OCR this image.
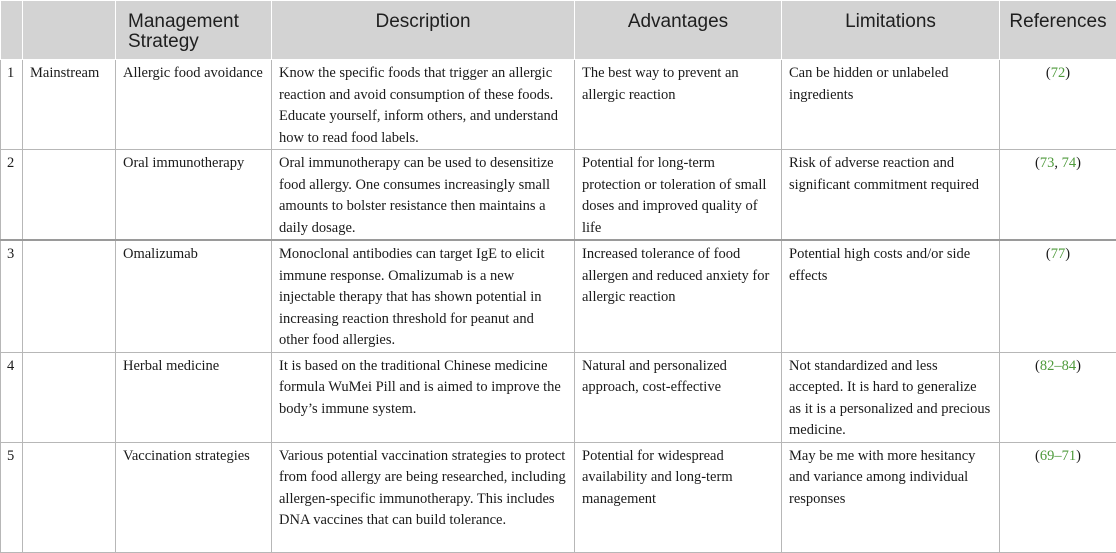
		Management Strategy	Description	Advantages	Limitations	References
1	Mainstream	Allergic food avoidance	Know the specific foods that trigger an allergic reaction and avoid consumption of these foods. Educate yourself, inform others, and understand how to read food labels.	The best way to prevent an allergic reaction	Can be hidden or unlabeled ingredients	(72)
2		Oral immunotherapy	Oral immunotherapy can be used to desensitize food allergy. One consumes increasingly small amounts to bolster resistance then maintains a daily dosage.	Potential for long-term protection or toleration of small doses and improved quality of life	Risk of adverse reaction and significant commitment required	(73, 74)
3		Omalizumab	Monoclonal antibodies can target IgE to elicit immune response. Omalizumab is a new injectable therapy that has shown potential in increasing reaction threshold for peanut and other food allergies.	Increased tolerance of food allergen and reduced anxiety for allergic reaction	Potential high costs and/or side effects	(77)
4		Herbal medicine	It is based on the traditional Chinese medicine formula WuMei Pill and is aimed to improve the body’s immune system.	Natural and personalized approach, cost-effective	Not standardized and less accepted. It is hard to generalize as it is a personalized and precious medicine.	(82–84)
5		Vaccination strategies	Various potential vaccination strategies to protect from food allergy are being researched, including allergen-specific immunotherapy. This includes DNA vaccines that can build tolerance.	Potential for widespread availability and long-term management	May be me with more hesitancy and variance among individual responses	(69–71)
